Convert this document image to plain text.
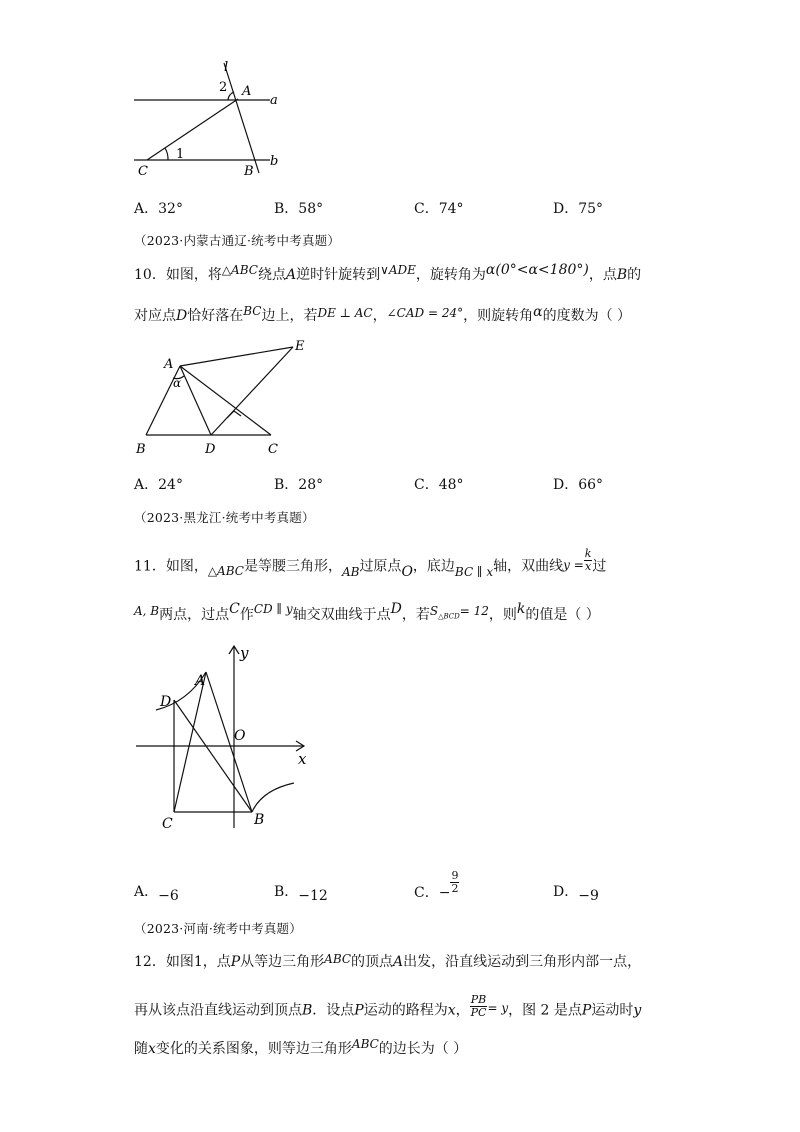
l
2 A
a
1
C	B
b
A．32°	B．58°	C．74°	D．75°
（2023·内蒙古通辽·统考中考真题）
10．如图，将△ABC绕点A逆时针旋转到∨ADE，旋转角为α(0°<α<180°)，点B的
对应点D恰好落在BC边上，若DE ⊥ AC，∠CAD = 24°，则旋转角α的度数为（ ）
A
α
E
B	D	C
A．24°	B．28°	C．48°	D．66°
（2023·黑龙江·统考中考真题）
11．如图，△ABC是等腰三角形，AB过原点O，底边BC ∥ x轴，双曲线$y = \frac{k}{x}$ 过
A, B两点，过点C作CD ∥ y轴交双曲线于点D，若$S_{\triangle BCD}= 12$，则k的值是（ ）
y
A
D
O
x
C	B
A．−6	B．−12	C．− $\frac{9}{2}$	D．−9
（2023·河南·统考中考真题）
12．如图1，点P从等边三角形ABC的顶点A出发，沿直线运动到三角形内部一点，
再从该点沿直线运动到顶点B．设点P运动的路程为x， $\frac{PB}{PC} = y$，图 2 是点P运动时y
随x变化的关系图象，则等边三角形ABC的边长为（ ）
